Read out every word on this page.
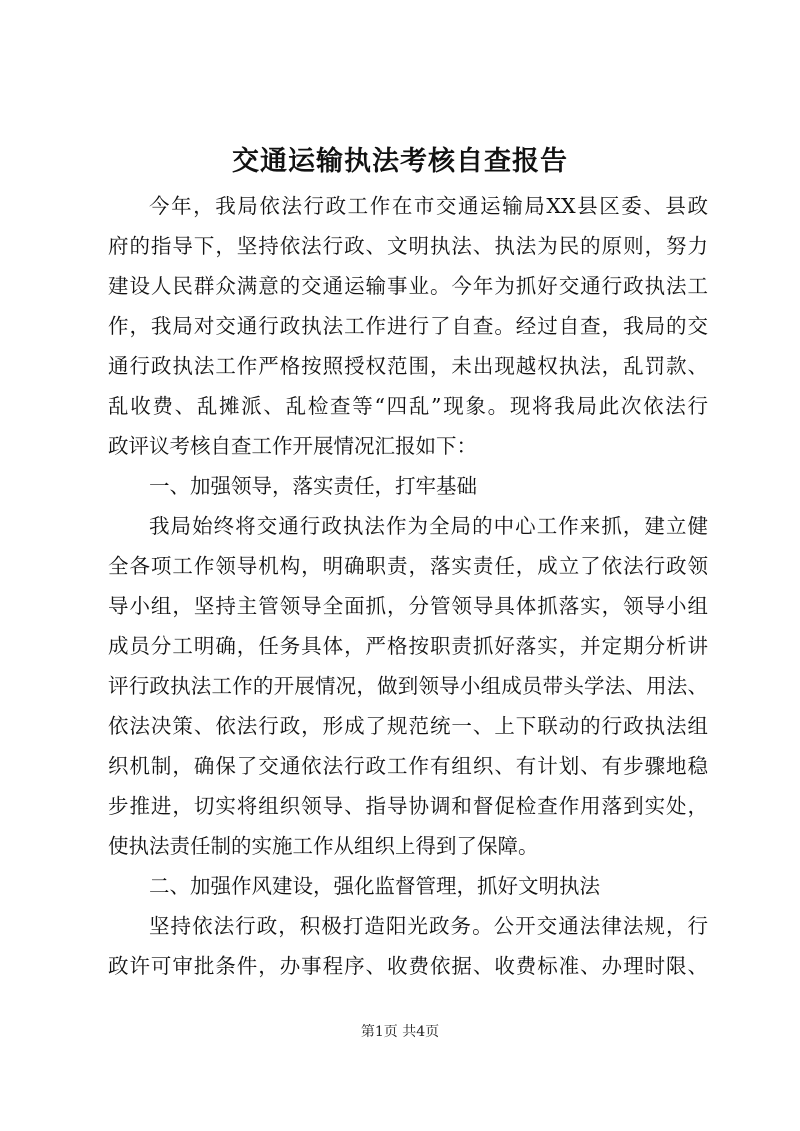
交通运输执法考核自查报告
今年，我局依法行政工作在市交通运输局XX县区委、县政
府的指导下，坚持依法行政、文明执法、执法为民的原则，努力
建设人民群众满意的交通运输事业。今年为抓好交通行政执法工
作，我局对交通行政执法工作进行了自查。经过自查，我局的交
通行政执法工作严格按照授权范围，未出现越权执法，乱罚款、
乱收费、乱摊派、乱检查等“四乱”现象。现将我局此次依法行
政评议考核自查工作开展情况汇报如下：
一、加强领导，落实责任，打牢基础
我局始终将交通行政执法作为全局的中心工作来抓，建立健
全各项工作领导机构，明确职责，落实责任，成立了依法行政领
导小组，坚持主管领导全面抓，分管领导具体抓落实，领导小组
成员分工明确，任务具体，严格按职责抓好落实，并定期分析讲
评行政执法工作的开展情况，做到领导小组成员带头学法、用法、
依法决策、依法行政，形成了规范统一、上下联动的行政执法组
织机制，确保了交通依法行政工作有组织、有计划、有步骤地稳
步推进，切实将组织领导、指导协调和督促检查作用落到实处，
使执法责任制的实施工作从组织上得到了保障。
二、加强作风建设，强化监督管理，抓好文明执法
坚持依法行政，积极打造阳光政务。公开交通法律法规，行
政许可审批条件，办事程序、收费依据、收费标准、办理时限、
第1页 共4页
